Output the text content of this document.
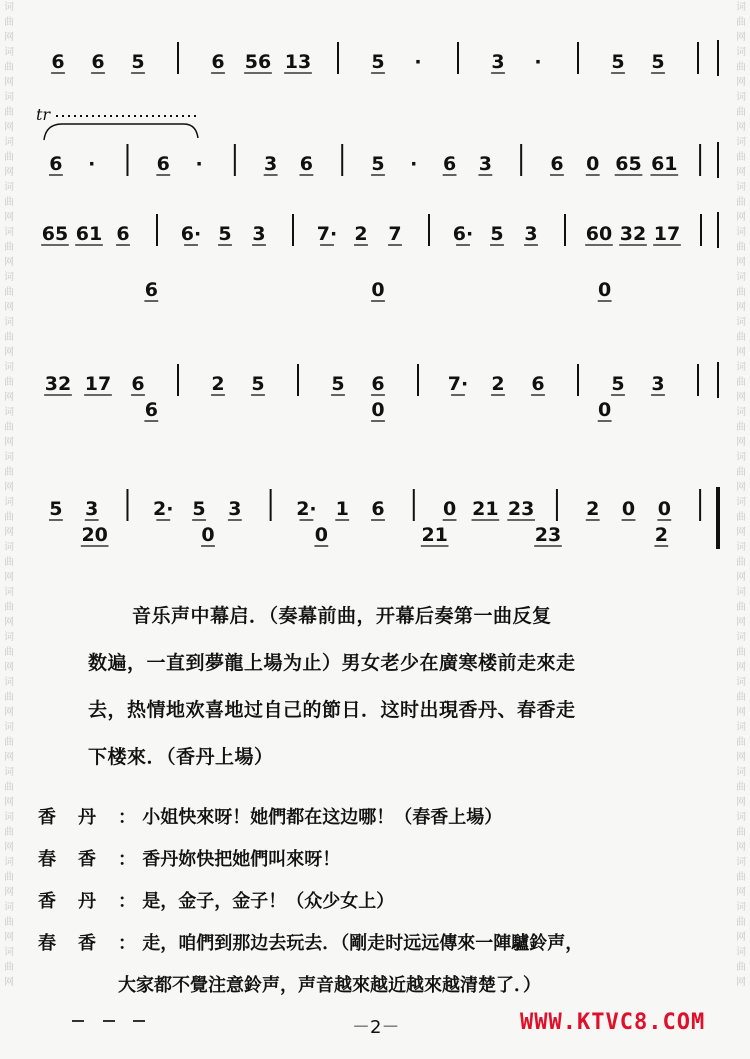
词曲网词曲网词曲网词曲网词曲网词曲网词曲网词曲网词曲网词曲网词曲网词曲网词曲网词曲网词曲网词曲网词曲网词曲网词曲网词曲网词曲网词曲网
词曲网词曲网词曲网词曲网词曲网词曲网词曲网词曲网词曲网词曲网词曲网词曲网词曲网词曲网词曲网词曲网词曲网词曲网词曲网词曲网词曲网词曲网
6 6 5	6 56 13	5 ·	3 ·	5 5
6 ·	6 ·	3 6	5 · 6 3	6 0 65 61
65 61 6	6· 5 3	7· 2 7	6· 5 3	60 32 17
6	0	0
32 17 6	2 5	5 6	7· 2 6	5 3
6	0	0
5 3	2· 5 3	2· 1 6	0 21 23	2 0 0
20	0	0	21	23	2
tr

音乐声中幕启．（奏幕前曲，开幕后奏第一曲反复

数遍，一直到夢龍上場为止）男女老少在廣寒楼前走來走

去，热情地欢喜地过自己的節日．这时出現香丹、春香走

下楼來．（香丹上場）

香丹： 小姐快來呀！她們都在这边哪！（春香上場）

春香： 香丹妳快把她們叫來呀！

香丹： 是，金子，金子！（众少女上）

春香： 走，咱們到那边去玩去．（剛走时远远傳來一陣驢鈴声，

大家都不覺注意鈴声，声音越來越近越來越清楚了．）

－2－	WWW.KTVC8.COM
